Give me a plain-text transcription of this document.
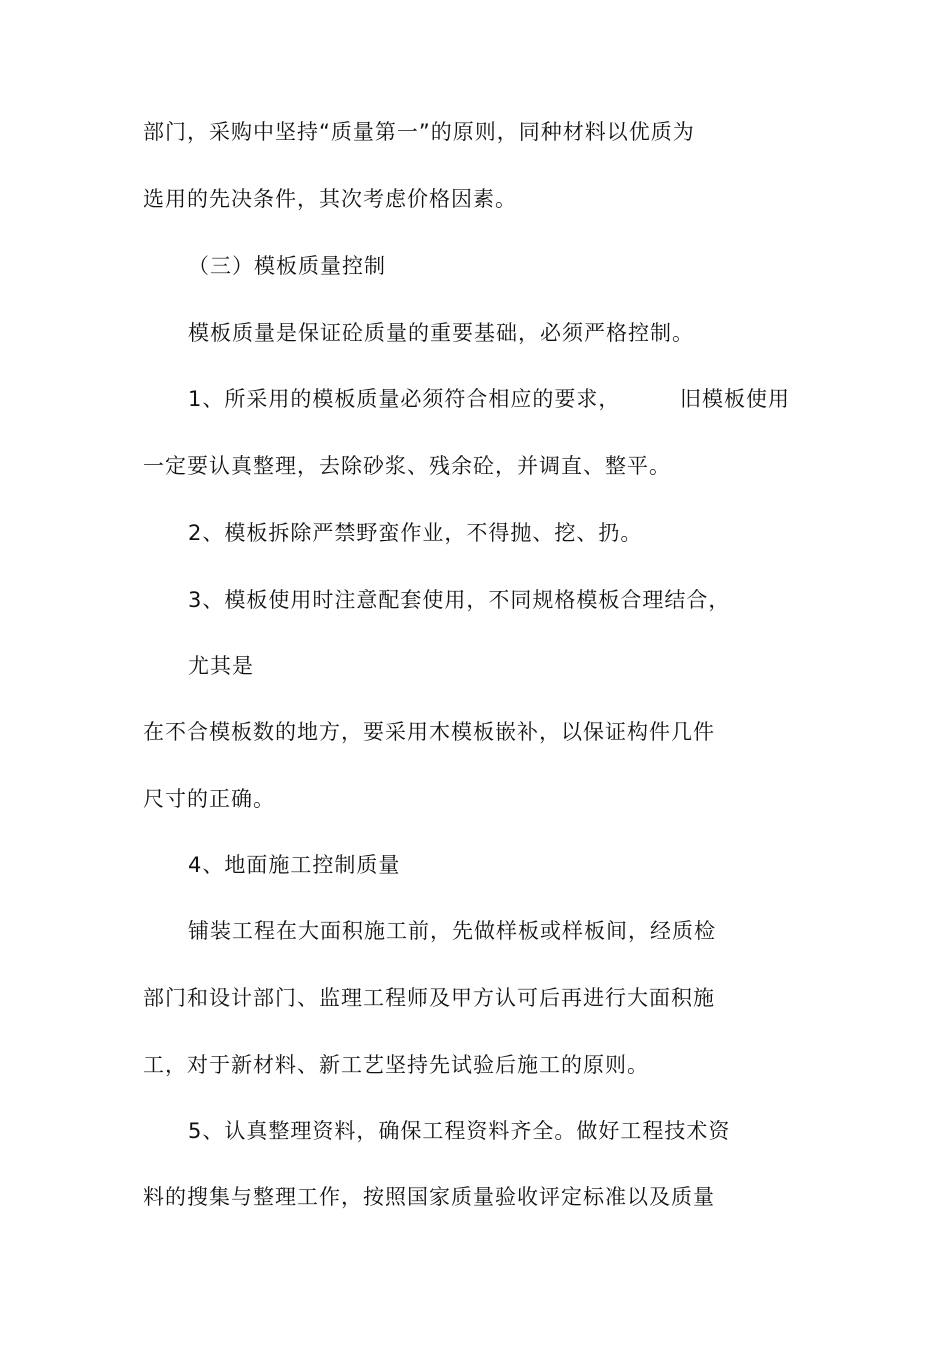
部门，采购中坚持“质量第一”的原则，同种材料以优质为
选用的先决条件，其次考虑价格因素。
（三）模板质量控制
模板质量是保证砼质量的重要基础，必须严格控制。
1、所采用的模板质量必须符合相应的要求，	旧模板使用
一定要认真整理，去除砂浆、残余砼，并调直、整平。
2、模板拆除严禁野蛮作业，不得抛、挖、扔。
3、模板使用时注意配套使用，不同规格模板合理结合，
尤其是
在不合模板数的地方，要采用木模板嵌补，以保证构件几件
尺寸的正确。
4、地面施工控制质量
铺装工程在大面积施工前，先做样板或样板间，经质检
部门和设计部门、监理工程师及甲方认可后再进行大面积施
工，对于新材料、新工艺坚持先试验后施工的原则。
5、认真整理资料，确保工程资料齐全。做好工程技术资
料的搜集与整理工作，按照国家质量验收评定标准以及质量
